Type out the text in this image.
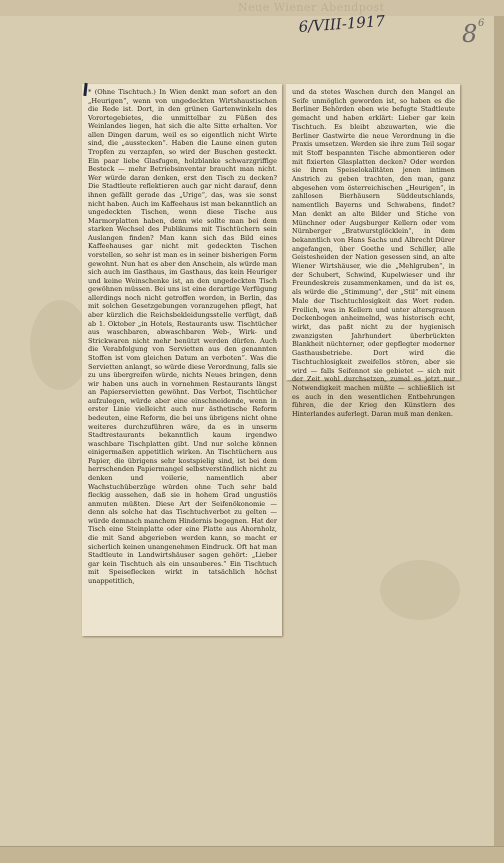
Neue Wiener Abendpost
6/VIII-1917	8 6
* (Ohne Tischtuch.) In Wien denkt man sofort an den „Heurigen“, wenn von ungedeckten Wirtshaustischen die Rede ist. Dort, in den grünen Gartenwinkeln des Vorortegebietes, die unmittelbar zu Füßen des Weinlandes liegen, hat sich die alte Sitte erhalten. Vor allen Dingen darum, weil es so eigentlich nicht Wirte sind, die „ausstecken“. Haben die Laune einen guten Tropfen zu verzapfen, so wird der Buschen gesteckt. Ein paar liebe Glasfugen, holzblanke schwarzgriffige Besteck — mehr Betriebsinventar braucht man nicht. Wer würde daran denken, erst den Tisch zu decken? Die Stadtleute reflektieren auch gar nicht darauf, denn ihnen gefällt gerade das „Urige“, das, was sie sonst nicht haben. Auch im Kaffeehaus ist man bekanntlich an ungedeckten Tischen, wenn diese Tische aus Marmorplatten haben, denn wie sollte man bei dem starken Wechsel des Publikums mit Tischtüchern sein Auslangen finden? Man kann sich das Bild eines Kaffeehauses gar nicht mit gedeckten Tischen vorstellen, so sehr ist man es in seiner bisherigen Form gewohnt. Nun hat es aber den Anschein, als würde man sich auch im Gasthaus, im Gasthaus, das kein Heuriger und keine Weinschenke ist, an den ungedeckten Tisch gewöhnen müssen. Bei uns ist eine derartige Verfügung allerdings noch nicht getroffen worden, in Berlin, das mit solchen Gesetzgebungen voranzugehen pflegt, hat aber kürzlich die Reichsbekleidungsstelle verfügt, daß ab 1. Oktober „in Hotels, Restaurants usw. Tischtücher aus waschbaren, abwaschbaren Web-, Wirk- und Strickwaren nicht mehr benützt werden dürfen. Auch die Verabfolgung von Servietten aus den genannten Stoffen ist vom gleichen Datum an verboten“. Was die Servietten anlangt, so würde diese Verordnung, falls sie zu uns übergreifen würde, nichts Neues bringen, denn wir haben uns auch in vornehmen Restaurants längst an Papierservietten gewöhnt. Das Verbot, Tischtücher aufzulegen, würde aber eine einschneidende, wenn in erster Linie vielleicht auch nur ästhetische Reform bedeuten, eine Reform, die bei uns übrigens nicht ohne weiteres durchzuführen wäre, da es in unserm Stadtrestaurants bekanntlich kaum irgendwo waschbare Tischplatten gibt. Und nur solche können einigermaßen appetitlich wirken. An Tischtüchern aus Papier, die übrigens sehr kostspielig sind, ist bei dem herrschenden Papiermangel selbstverständlich nicht zu denken und voilerie, namentlich aber Wachstuchüberzüge würden ohne Tuch sehr bald fleckig aussehen, daß sie in hohem Grad ungustiös anmuten müßten. Diese Art der Seifenökonomie — denn als solche hat das Tischtuchverbot zu gelten — würde demnach manchem Hindernis begegnen. Hat der Tisch eine Steinplatte oder eine Platte aus Ahornholz, die mit Sand abgerieben werden kann, so macht er sicherlich keinen unangenehmen Eindruck. Oft hat man Stadtleute in Landwirtshäuser sagen gehört: „Lieber gar kein Tischtuch als ein unsauberes.“ Ein Tischtuch mit Speiseflecken wirkt in tatsächlich höchst unappetitlich,
und da stetes Waschen durch den Mangel an Seife unmöglich geworden ist, so haben es die Berliner Behörden eben wie befugte Stadtleute gemacht und haben erklärt: Lieber gar kein Tischtuch. Es bleibt abzuwarten, wie die Berliner Gastwirte die neue Verordnung in die Praxis umsetzen. Werden sie ihre zum Teil sogar mit Stoff bespannten Tische abmontieren oder mit fixierten Glasplatten decken? Oder werden sie ihren Speiselokalitäten jenen intimen Anstrich zu geben trachten, den man, ganz abgesehen vom österreichischen „Heurigen“, in zahllosen Bierhäusern Süddeutschlands, namentlich Bayerns und Schwabens, findet? Man denkt an alte Bilder und Stiche von Münchner oder Augsburger Kellern oder vom Nürnberger „Bratwurstglöcklein“, in dem bekanntlich von Hans Sachs und Albrecht Dürer angefangen, über Goethe und Schiller, alle Geistesheiden der Nation gesessen sind, an alte Wiener Wirtshäuser, wie die „Mehlgruben“, in der Schubert, Schwind, Kupelwieser und ihr Freundeskreis zusammenkamen, und da ist es, als würde die „Stimmung“, der „Stil“ mit einem Male der Tischtuchlosigkeit das Wort reden. Freilich, was in Kellern und unter altersgrauen Deckenbogen anheimelnd, was historisch echt, wirkt, das paßt nicht zu der hygienisch zwanzigsten Jahrhundert überbrückten Blankheit nüchterner, oder gepflegter moderner Gasthausbetriebe. Dort wird die Tischtuchlosigkeit zweifellos stören, aber sie wird — falls Seifennot sie gebietet — sich mit der Zeit wohl durchsetzen, zumal es jetzt nur Notwendigkeit machen müßte — schließlich ist es auch in den wesentlichen Entbehrungen führen, die der Krieg den Künstlern des Hinterlandes auferlegt. Daran muß man denken.
